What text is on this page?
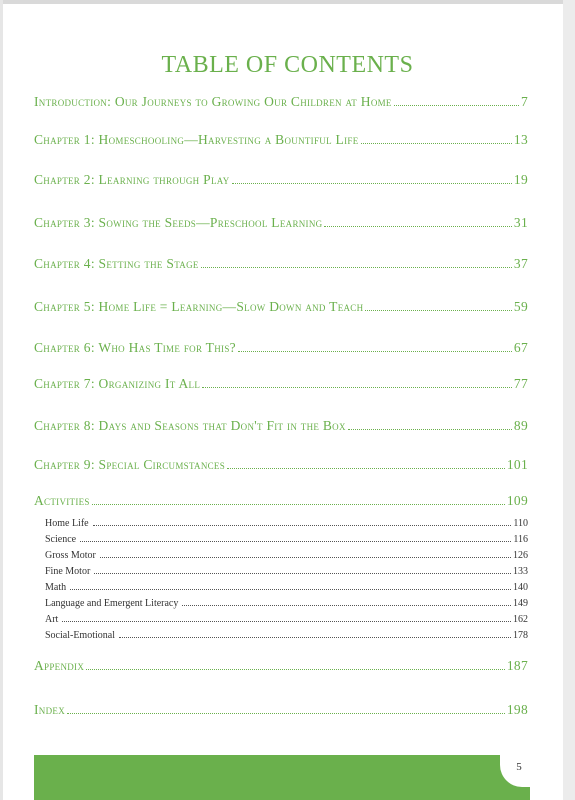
TABLE OF CONTENTS
Introduction: Our Journeys to Growing Our Children at Home	7
Chapter 1: Homeschooling—Harvesting a Bountiful Life	13
Chapter 2: Learning through Play	19
Chapter 3: Sowing the Seeds—Preschool Learning	31
Chapter 4: Setting the Stage	37
Chapter 5: Home Life = Learning—Slow Down and Teach	59
Chapter 6: Who Has Time for This?	67
Chapter 7: Organizing It All	77
Chapter 8: Days and Seasons that Don't Fit in the Box	89
Chapter 9: Special Circumstances	101
Activities	109
Home Life	110
Science	116
Gross Motor	126
Fine Motor	133
Math	140
Language and Emergent Literacy	149
Art	162
Social-Emotional	178
Appendix	187
Index	198
5
